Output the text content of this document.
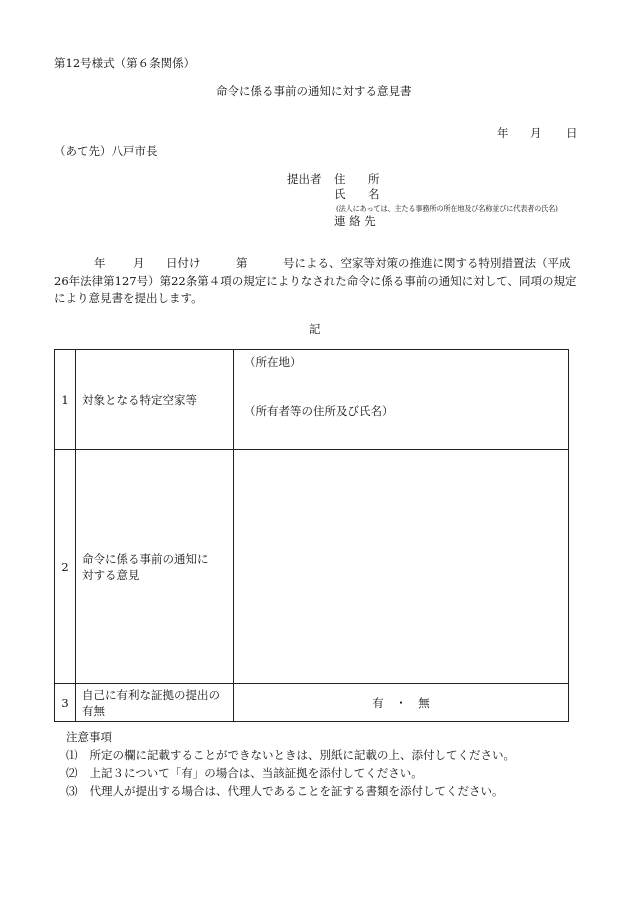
第12号様式（第６条関係）
命令に係る事前の通知に対する意見書
年 月 日
（あて先）八戸市長
提出者 住 所
氏 名
(法人にあっては、主たる事務所の所在地及び名称並びに代表者の氏名)
連 絡 先
年 月 日付け	第	号による、空家等対策の推進に関する特別措置法（平成
26年法律第127号）第22条第４項の規定によりなされた命令に係る事前の通知に対して、同項の規定
により意見書を提出します。
記
1	対象となる特定空家等	（所在地）
（所有者等の住所及び氏名）

2	命令に係る事前の通知に
対する意見	

3	自己に有利な証拠の提出の
有無	有　・　無
注意事項
⑴ 所定の欄に記載することができないときは、別紙に記載の上、添付してください。
⑵ 上記３について「有」の場合は、当該証拠を添付してください。
⑶ 代理人が提出する場合は、代理人であることを証する書類を添付してください。
